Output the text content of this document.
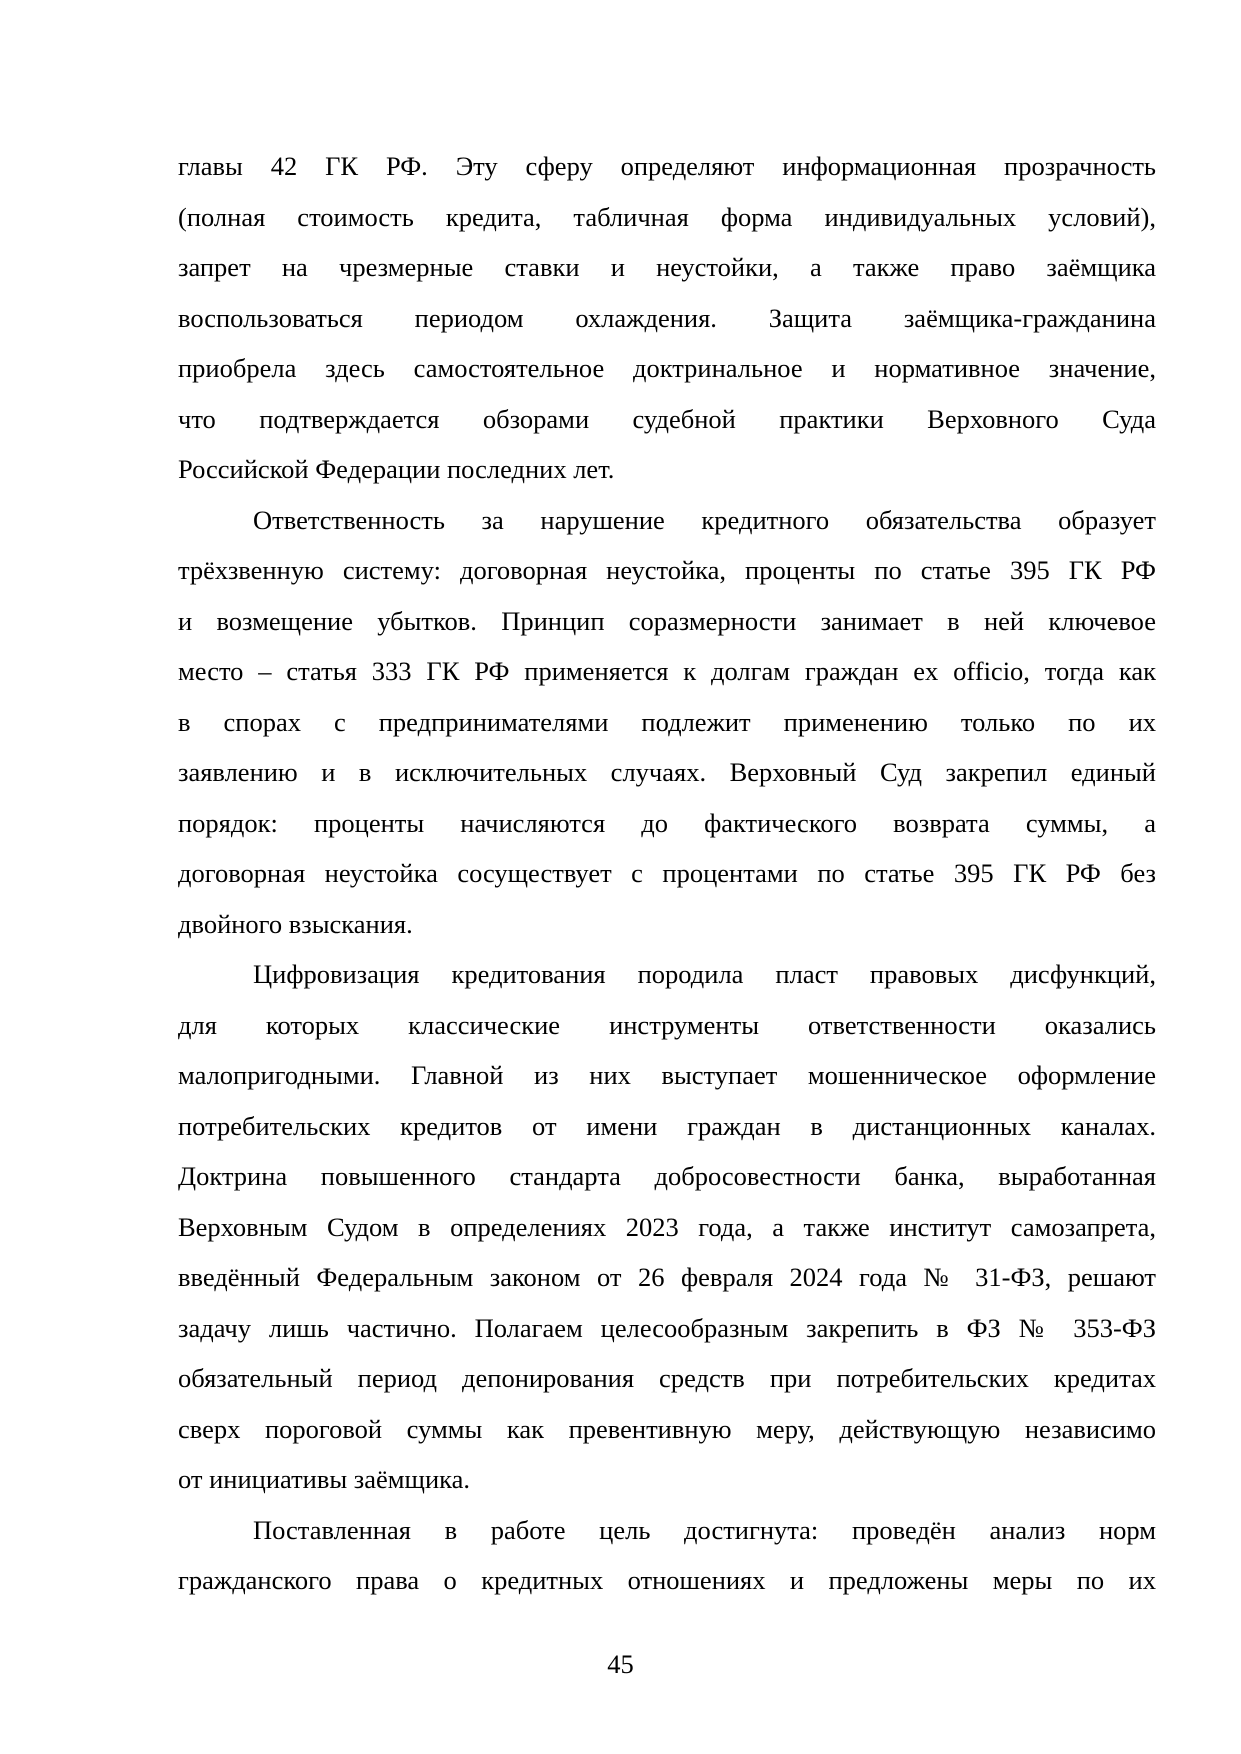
главы 42 ГК РФ. Эту сферу определяют информационная прозрачность
(полная стоимость кредита, табличная форма индивидуальных условий),
запрет на чрезмерные ставки и неустойки, а также право заёмщика
воспользоваться периодом охлаждения. Защита заёмщика-гражданина
приобрела здесь самостоятельное доктринальное и нормативное значение,
что подтверждается обзорами судебной практики Верховного Суда
Российской Федерации последних лет.

Ответственность за нарушение кредитного обязательства образует
трёхзвенную систему: договорная неустойка, проценты по статье 395 ГК РФ
и возмещение убытков. Принцип соразмерности занимает в ней ключевое
место – статья 333 ГК РФ применяется к долгам граждан ex officio, тогда как
в спорах с предпринимателями подлежит применению только по их
заявлению и в исключительных случаях. Верховный Суд закрепил единый
порядок: проценты начисляются до фактического возврата суммы, а
договорная неустойка сосуществует с процентами по статье 395 ГК РФ без
двойного взыскания.

Цифровизация кредитования породила пласт правовых дисфункций,
для которых классические инструменты ответственности оказались
малопригодными. Главной из них выступает мошенническое оформление
потребительских кредитов от имени граждан в дистанционных каналах.
Доктрина повышенного стандарта добросовестности банка, выработанная
Верховным Судом в определениях 2023 года, а также институт самозапрета,
введённый Федеральным законом от 26 февраля 2024 года № 31-ФЗ, решают
задачу лишь частично. Полагаем целесообразным закрепить в ФЗ № 353-ФЗ
обязательный период депонирования средств при потребительских кредитах
сверх пороговой суммы как превентивную меру, действующую независимо
от инициативы заёмщика.

Поставленная в работе цель достигнута: проведён анализ норм
гражданского права о кредитных отношениях и предложены меры по их

45
